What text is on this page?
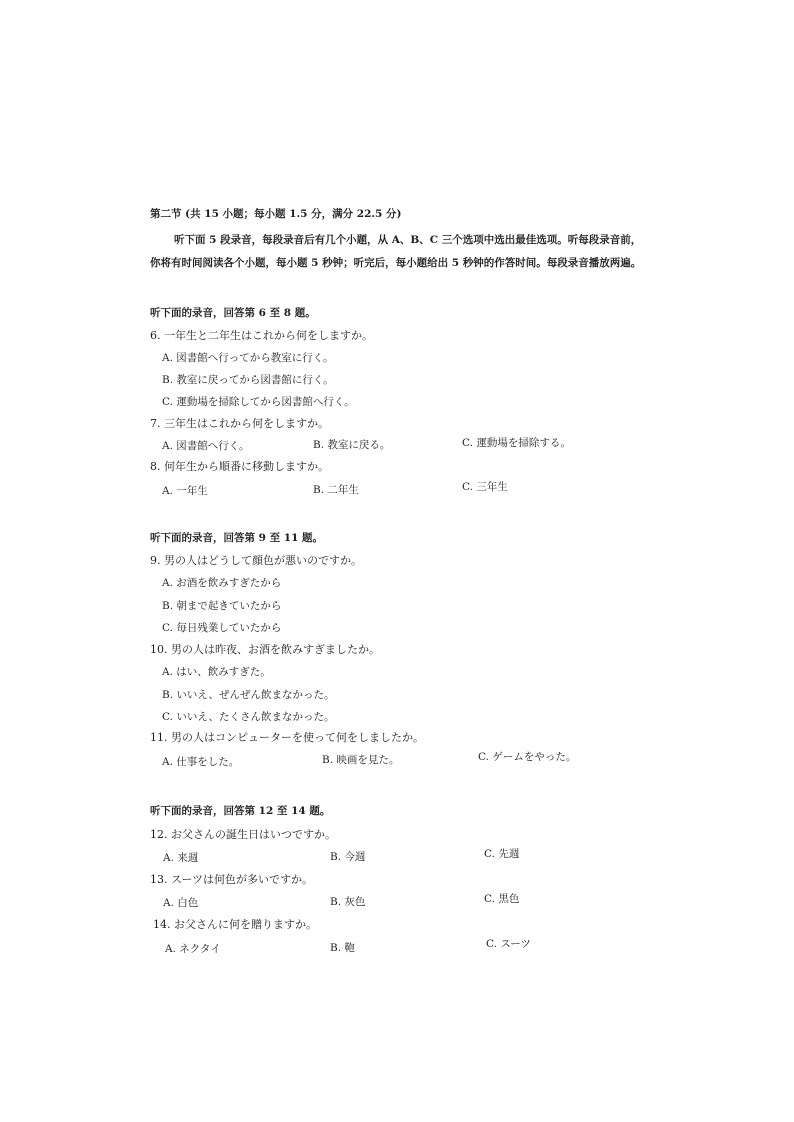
第二节 (共 15 小题；每小题 1.5 分，满分 22.5 分)
听下面 5 段录音，每段录音后有几个小题，从 A、B、C 三个选项中选出最佳选项。听每段录音前，
你将有时间阅读各个小题，每小题 5 秒钟；听完后，每小题给出 5 秒钟的作答时间。每段录音播放两遍。
听下面的录音，回答第 6 至 8 题。
6. 一年生と二年生はこれから何をしますか。
A. 図書館へ行ってから教室に行く。
B. 教室に戻ってから図書館に行く。
C. 運動場を掃除してから図書館へ行く。
7. 三年生はこれから何をしますか。
A. 図書館へ行く。	B. 教室に戻る。	C. 運動場を掃除する。
8. 何年生から順番に移動しますか。
A. 一年生	B. 二年生	C. 三年生
听下面的录音，回答第 9 至 11 题。
9. 男の人はどうして顔色が悪いのですか。
A. お酒を飲みすぎたから
B. 朝まで起きていたから
C. 毎日残業していたから
10. 男の人は昨夜、お酒を飲みすぎましたか。
A. はい、飲みすぎた。
B. いいえ、ぜんぜん飲まなかった。
C. いいえ、たくさん飲まなかった。
11. 男の人はコンピューターを使って何をしましたか。
A. 仕事をした。	B. 映画を見た。	C. ゲームをやった。
听下面的录音，回答第 12 至 14 题。
12. お父さんの誕生日はいつですか。
A. 来週	B. 今週	C. 先週
13. スーツは何色が多いですか。
A. 白色	B. 灰色	C. 黒色
14. お父さんに何を贈りますか。
A. ネクタイ	B. 鞄	C. スーツ
